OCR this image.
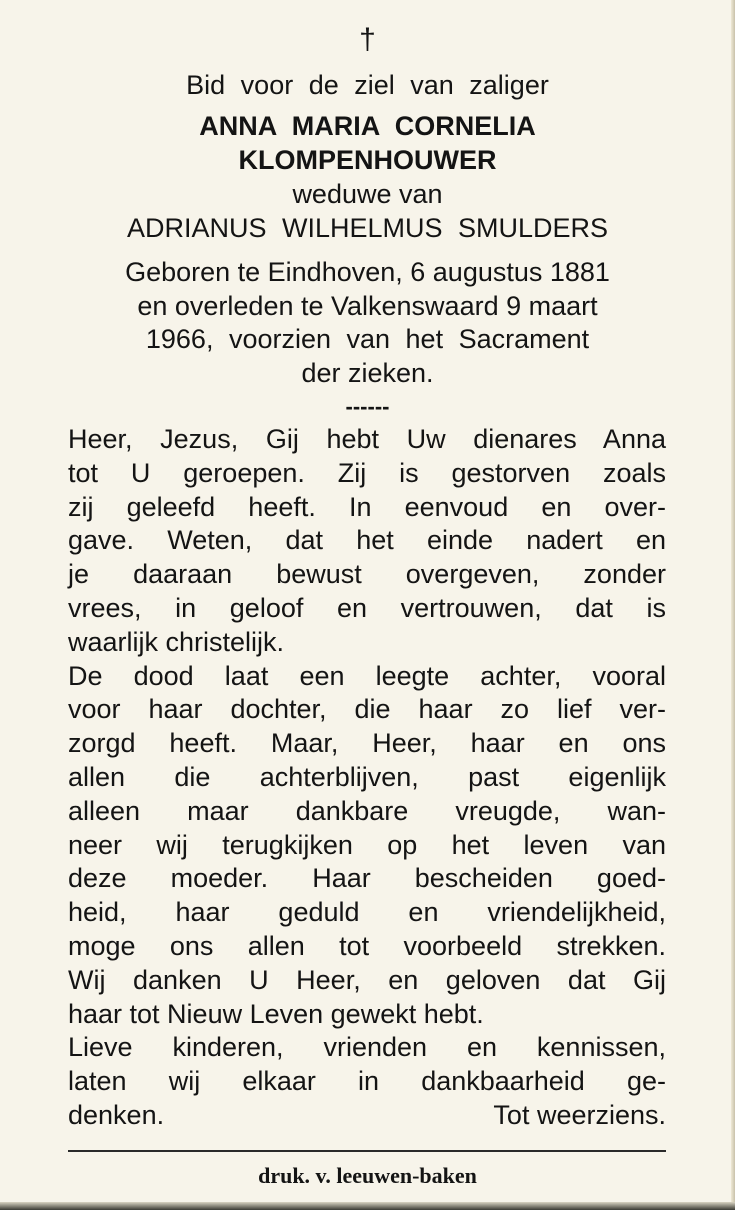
†
Bid voor de ziel van zaliger
ANNA MARIA CORNELIA
KLOMPENHOUWER
weduwe van
ADRIANUS WILHELMUS SMULDERS
Geboren te Eindhoven, 6 augustus 1881
en overleden te Valkenswaard 9 maart
1966, voorzien van het Sacrament
der zieken.
------
Heer, Jezus, Gij hebt Uw dienares Anna
tot U geroepen. Zij is gestorven zoals
zij geleefd heeft. In eenvoud en over-
gave. Weten, dat het einde nadert en
je daaraan bewust overgeven, zonder
vrees, in geloof en vertrouwen, dat is
waarlijk christelijk.
De dood laat een leegte achter, vooral
voor haar dochter, die haar zo lief ver-
zorgd heeft. Maar, Heer, haar en ons
allen die achterblijven, past eigenlijk
alleen maar dankbare vreugde, wan-
neer wij terugkijken op het leven van
deze moeder. Haar bescheiden goed-
heid, haar geduld en vriendelijkheid,
moge ons allen tot voorbeeld strekken.
Wij danken U Heer, en geloven dat Gij
haar tot Nieuw Leven gewekt hebt.
Lieve kinderen, vrienden en kennissen,
laten wij elkaar in dankbaarheid ge-
denken.	Tot weerziens.
druk. v. leeuwen-baken
